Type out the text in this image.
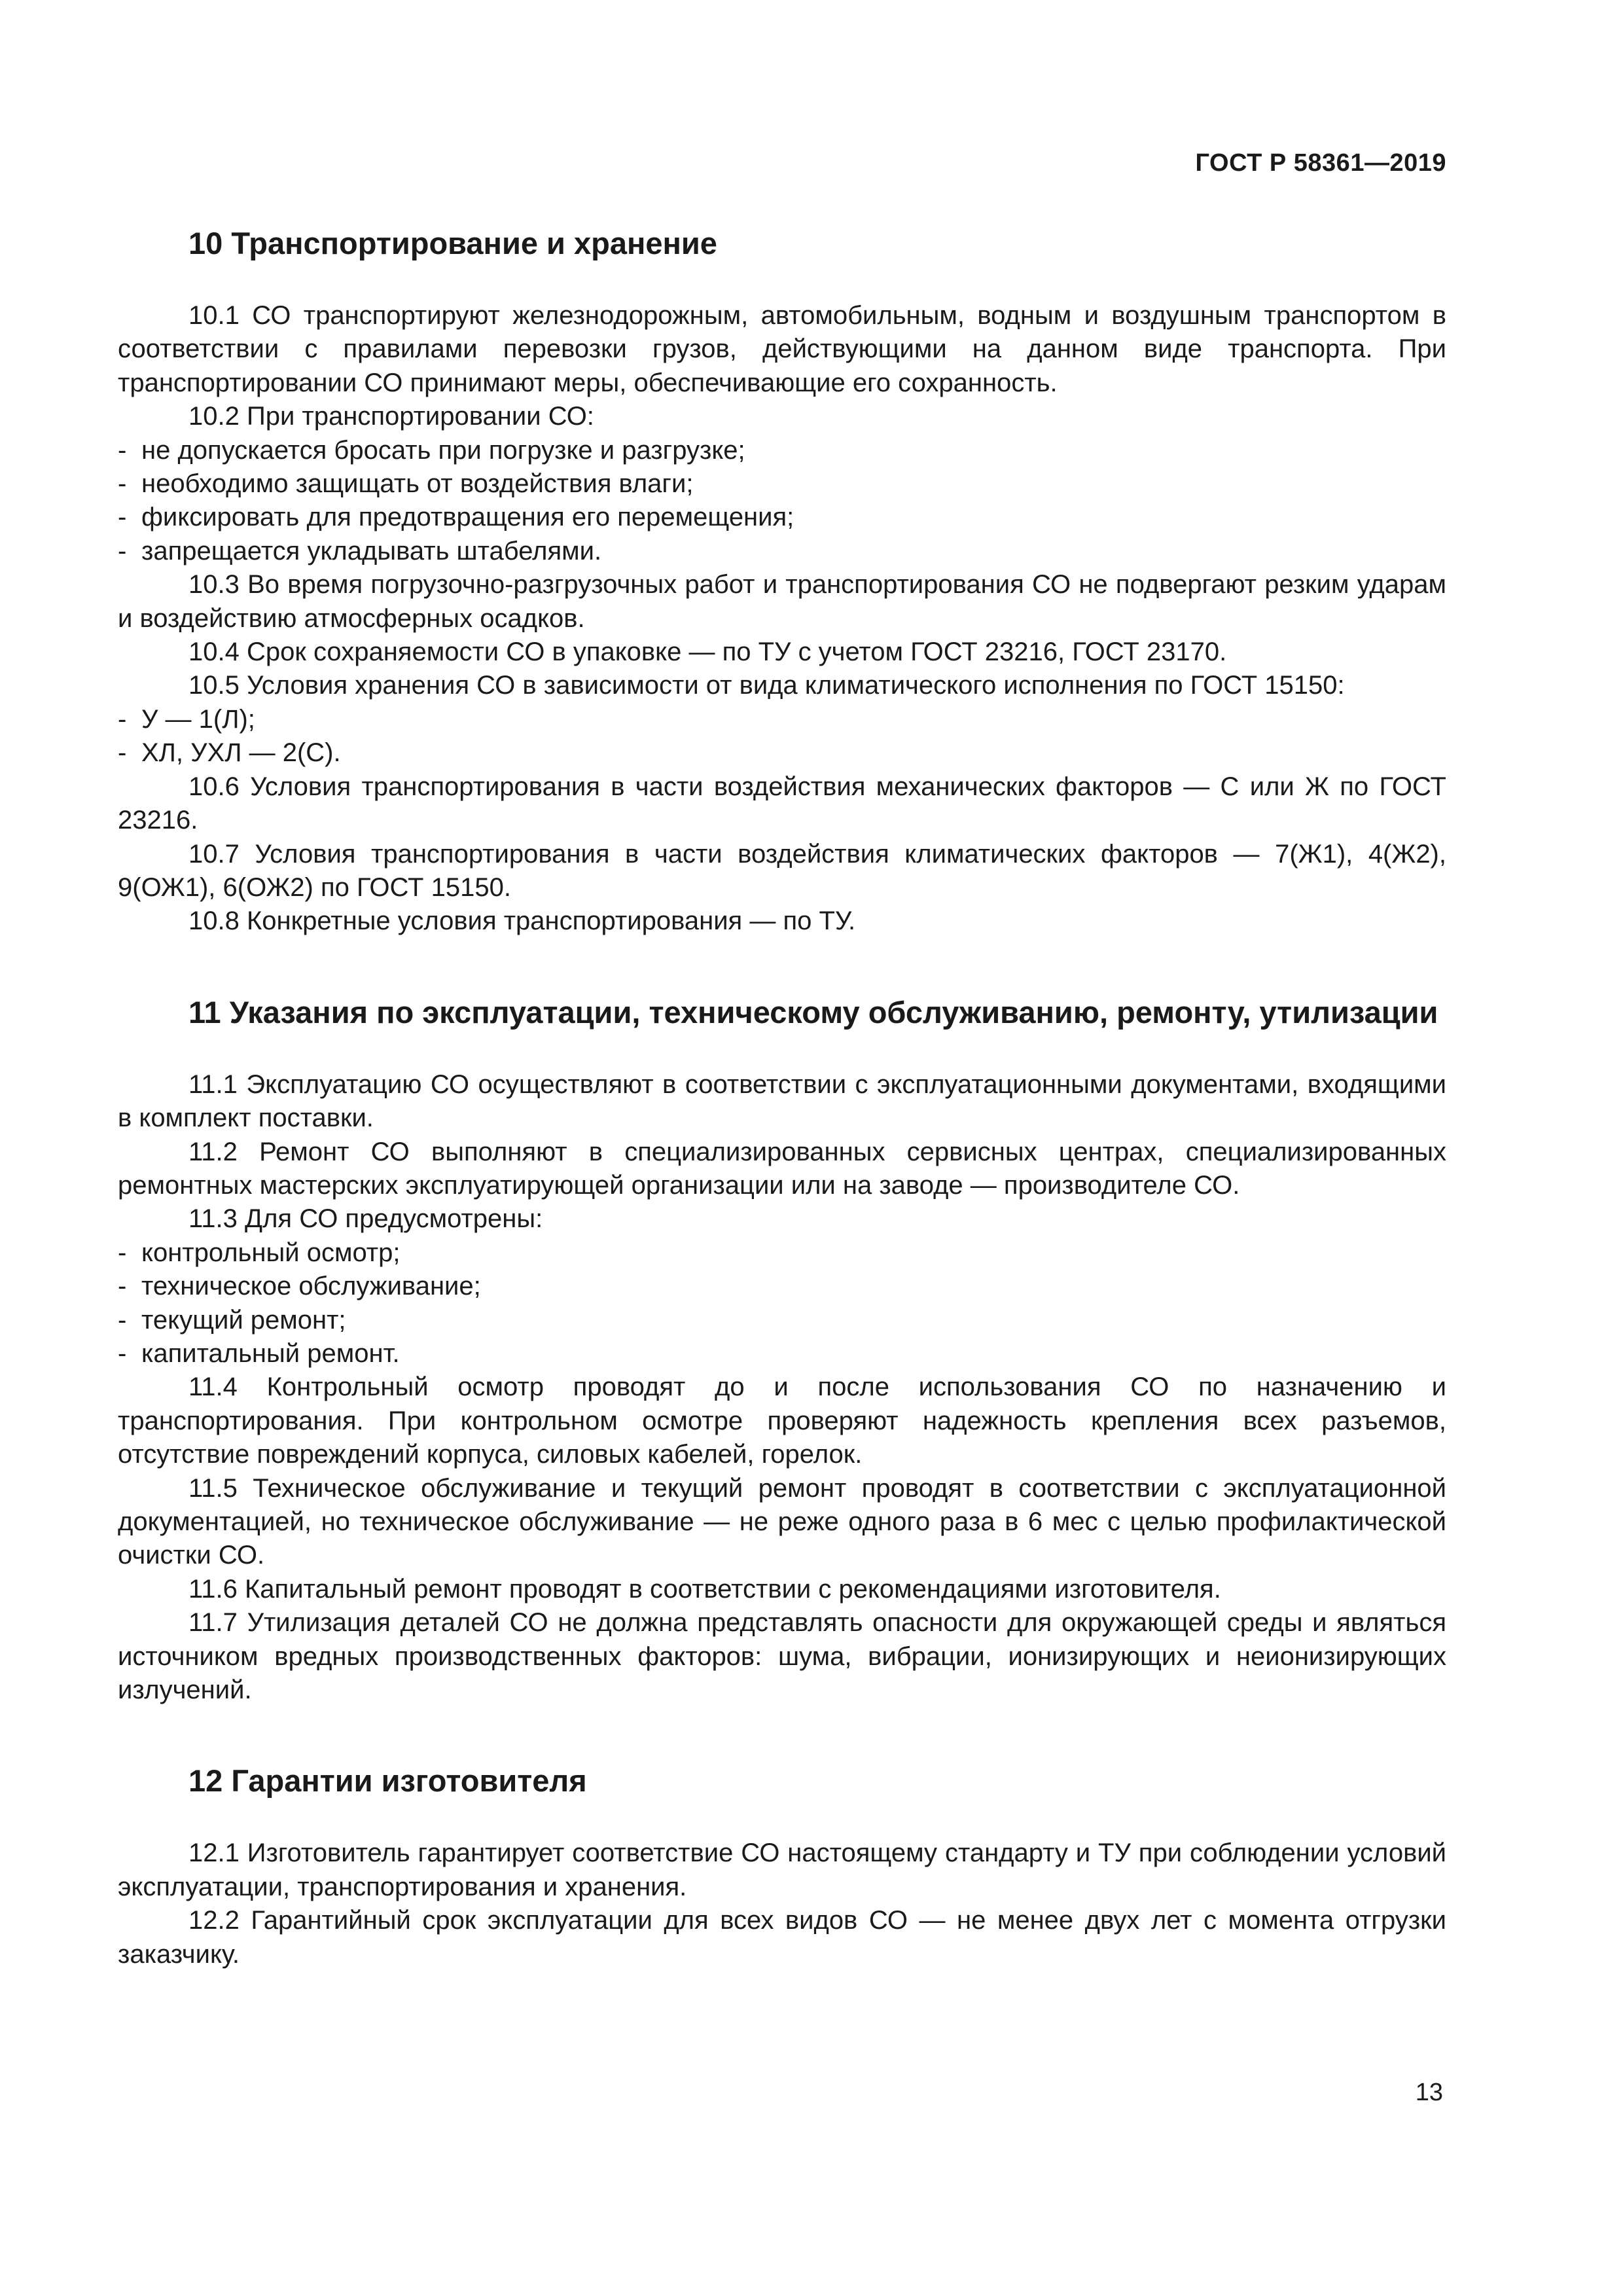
ГОСТ Р 58361—2019
10 Транспортирование и хранение

10.1 СО транспортируют железнодорожным, автомобильным, водным и воздушным транспортом в соответствии с правилами перевозки грузов, действующими на данном виде транспорта. При транспортировании СО принимают меры, обеспечивающие его сохранность.

10.2 При транспортировании СО:

- не допускается бросать при погрузке и разгрузке;
- необходимо защищать от воздействия влаги;
- фиксировать для предотвращения его перемещения;
- запрещается укладывать штабелями.

10.3 Во время погрузочно-разгрузочных работ и транспортирования СО не подвергают резким ударам и воздействию атмосферных осадков.

10.4 Срок сохраняемости СО в упаковке — по ТУ с учетом ГОСТ 23216, ГОСТ 23170.

10.5 Условия хранения СО в зависимости от вида климатического исполнения по ГОСТ 15150:

- У — 1(Л);
- ХЛ, УХЛ — 2(С).

10.6 Условия транспортирования в части воздействия механических факторов — С или Ж по ГОСТ 23216.

10.7 Условия транспортирования в части воздействия климатических факторов — 7(Ж1), 4(Ж2), 9(ОЖ1), 6(ОЖ2) по ГОСТ 15150.

10.8 Конкретные условия транспортирования — по ТУ.

11 Указания по эксплуатации, техническому обслуживанию, ремонту, утилизации

11.1 Эксплуатацию СО осуществляют в соответствии с эксплуатационными документами, входящими в комплект поставки.

11.2 Ремонт СО выполняют в специализированных сервисных центрах, специализированных ремонтных мастерских эксплуатирующей организации или на заводе — производителе СО.

11.3 Для СО предусмотрены:

- контрольный осмотр;
- техническое обслуживание;
- текущий ремонт;
- капитальный ремонт.

11.4 Контрольный осмотр проводят до и после использования СО по назначению и транспортирования. При контрольном осмотре проверяют надежность крепления всех разъемов, отсутствие повреждений корпуса, силовых кабелей, горелок.

11.5 Техническое обслуживание и текущий ремонт проводят в соответствии с эксплуатационной документацией, но техническое обслуживание — не реже одного раза в 6 мес с целью профилактической очистки СО.

11.6 Капитальный ремонт проводят в соответствии с рекомендациями изготовителя.

11.7 Утилизация деталей СО не должна представлять опасности для окружающей среды и являться источником вредных производственных факторов: шума, вибрации, ионизирующих и неионизирующих излучений.

12 Гарантии изготовителя

12.1 Изготовитель гарантирует соответствие СО настоящему стандарту и ТУ при соблюдении условий эксплуатации, транспортирования и хранения.

12.2 Гарантийный срок эксплуатации для всех видов СО — не менее двух лет с момента отгрузки заказчику.

13
